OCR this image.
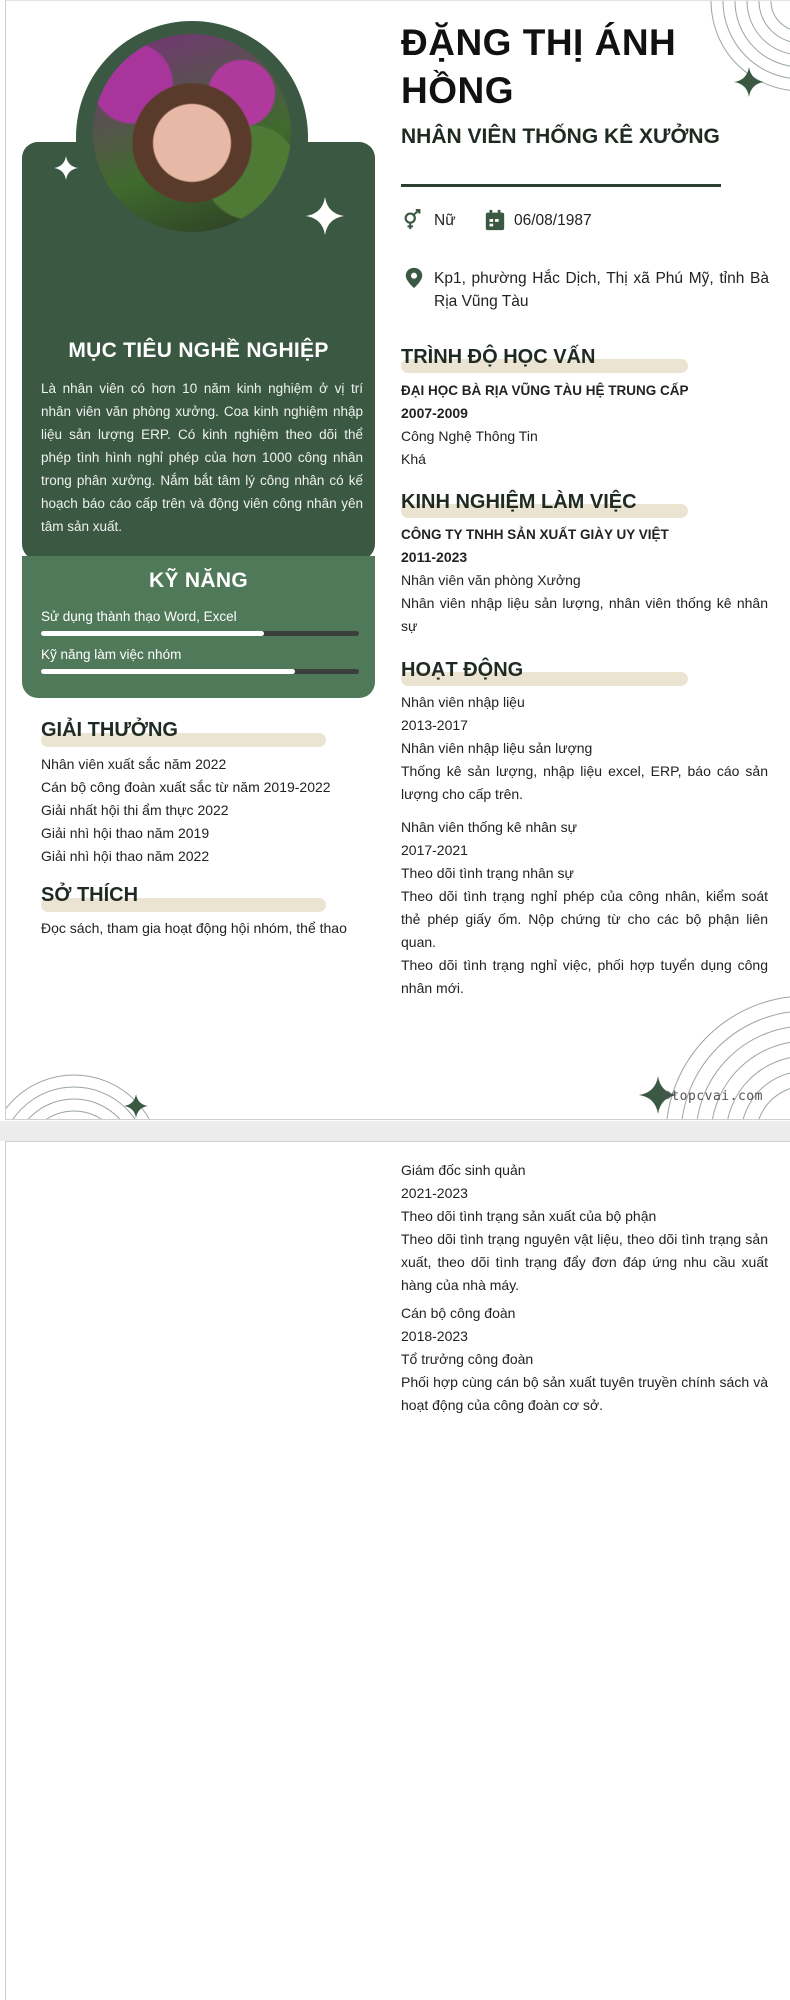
©topcvai.com
MỤC TIÊU NGHỀ NGHIỆP
Là nhân viên có hơn 10 năm kinh nghiệm ở vị trí nhân viên văn phòng xưởng. Coa kinh nghiệm nhập liệu sản lượng ERP. Có kinh nghiệm theo dõi thể phép tình hình nghỉ phép của hơn 1000 công nhân trong phân xưởng. Nắm bắt tâm lý công nhân có kế hoạch báo cáo cấp trên và động viên công nhân yên tâm sản xuất.
KỸ NĂNG
Sử dụng thành thạo Word, Excel
Kỹ năng làm việc nhóm
GIẢI THƯỞNG
Nhân viên xuất sắc năm 2022
Cán bộ công đoàn xuất sắc từ năm 2019-2022
Giải nhất hội thi ẩm thực 2022
Giải nhì hội thao năm 2019
Giải nhì hội thao năm 2022
SỞ THÍCH
Đọc sách, tham gia hoạt động hội nhóm, thể thao
ĐẶNG THỊ ÁNH HỒNG
NHÂN VIÊN THỐNG KÊ XƯỞNG
Nữ	06/08/1987
Kp1, phường Hắc Dịch, Thị xã Phú Mỹ, tỉnh Bà Rịa Vũng Tàu
TRÌNH ĐỘ HỌC VẤN
ĐẠI HỌC BÀ RỊA VŨNG TÀU HỆ TRUNG CẤP
2007-2009
Công Nghệ Thông Tin
Khá
KINH NGHIỆM LÀM VIỆC
CÔNG TY TNHH SẢN XUẤT GIÀY UY VIỆT
2011-2023
Nhân viên văn phòng Xưởng
Nhân viên nhập liệu sản lượng, nhân viên thống kê nhân sự
HOẠT ĐỘNG
Nhân viên nhập liệu
2013-2017
Nhân viên nhập liệu sản lượng
Thống kê sản lượng, nhập liệu excel, ERP, báo cáo sản lượng cho cấp trên.
Nhân viên thống kê nhân sự
2017-2021
Theo dõi tình trạng nhân sự
Theo dõi tình trạng nghỉ phép của công nhân, kiểm soát thẻ phép giấy ốm. Nộp chứng từ cho các bộ phận liên quan.
Theo dõi tình trạng nghỉ việc, phối hợp tuyển dụng công nhân mới.
Giám đốc sinh quản
2021-2023
Theo dõi tình trạng sản xuất của bộ phận
Theo dõi tình trạng nguyên vật liệu, theo dõi tình trạng sản xuất, theo dõi tình trạng đẩy đơn đáp ứng nhu cầu xuất hàng của nhà máy.
Cán bộ công đoàn
2018-2023
Tổ trưởng công đoàn
Phối hợp cùng cán bộ sản xuất tuyên truyền chính sách và hoạt động của công đoàn cơ sở.
